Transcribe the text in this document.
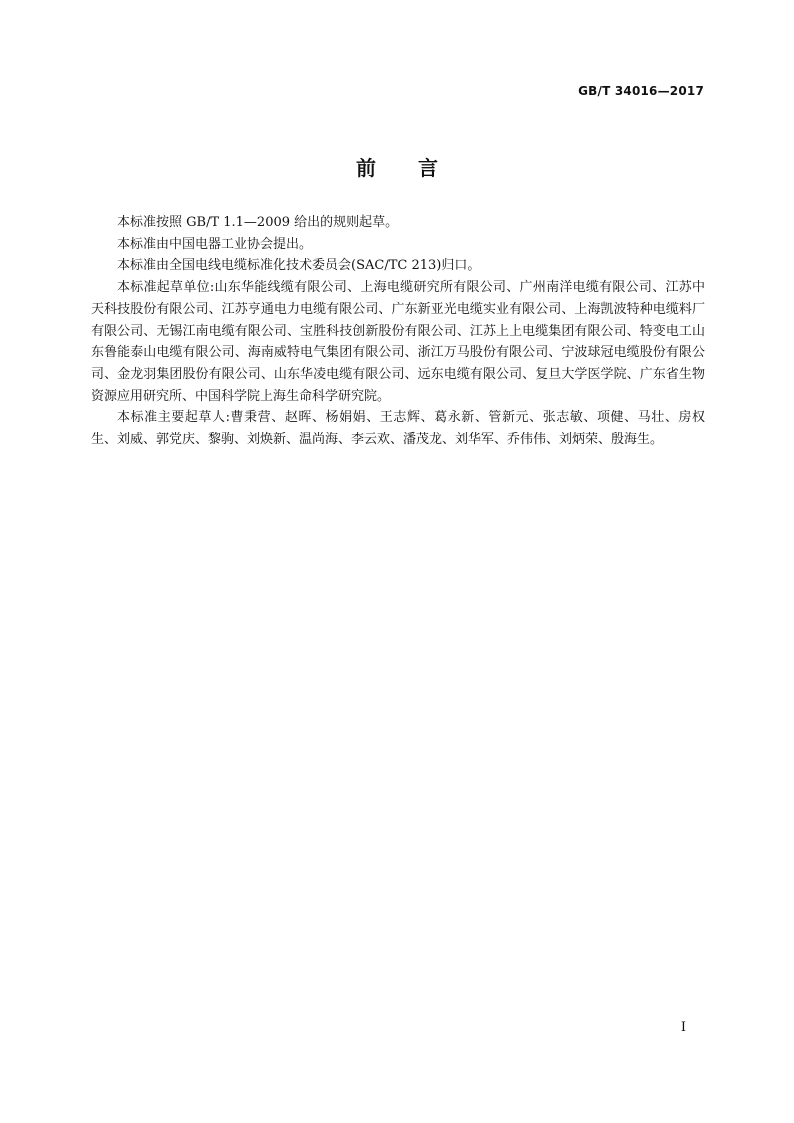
GB/T 34016—2017
前 言

本标准按照 GB/T 1.1—2009 给出的规则起草。

本标准由中国电器工业协会提出。

本标准由全国电线电缆标准化技术委员会(SAC/TC 213)归口。

本标准起草单位:山东华能线缆有限公司、上海电缆研究所有限公司、广州南洋电缆有限公司、江苏中天科技股份有限公司、江苏亨通电力电缆有限公司、广东新亚光电缆实业有限公司、上海凯波特种电缆料厂有限公司、无锡江南电缆有限公司、宝胜科技创新股份有限公司、江苏上上电缆集团有限公司、特变电工山东鲁能泰山电缆有限公司、海南威特电气集团有限公司、浙江万马股份有限公司、宁波球冠电缆股份有限公司、金龙羽集团股份有限公司、山东华凌电缆有限公司、远东电缆有限公司、复旦大学医学院、广东省生物资源应用研究所、中国科学院上海生命科学研究院。

本标准主要起草人:曹秉营、赵晖、杨娟娟、王志辉、葛永新、管新元、张志敏、项健、马壮、房权生、刘威、郭党庆、黎驹、刘焕新、温尚海、李云欢、潘茂龙、刘华军、乔伟伟、刘炳荣、殷海生。

I
